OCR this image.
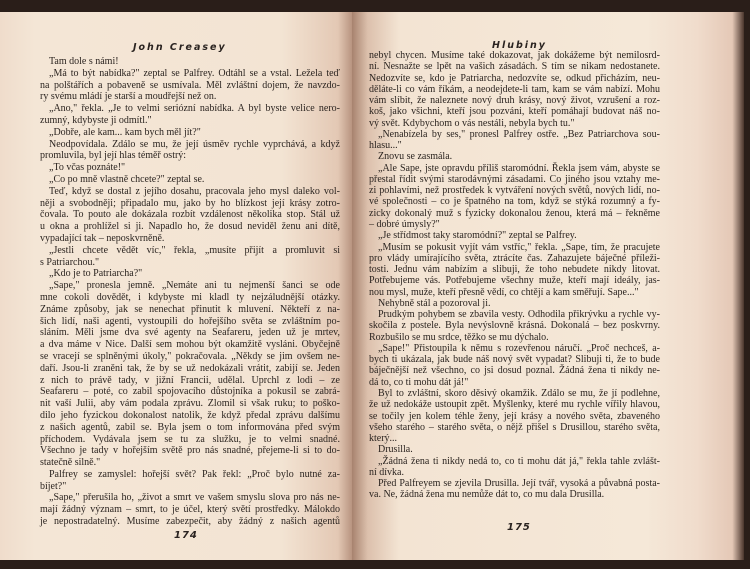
John Creasey
Tam dole s námi!
„Má to být nabídka?" zeptal se Palfrey. Odtáhl se a vstal. Ležela teď
na polštářích a pobaveně se usmívala. Měl zvláštní dojem, že navzdo-
ry svému mládí je starší a moudřejší než on.
„Ano," řekla. „Je to velmi seriózní nabídka. A byl byste velice nero-
zumný, kdybyste ji odmítl."
„Dobře, ale kam... kam bych měl jít?"
Neodpovídala. Zdálo se mu, že její úsměv rychle vyprchává, a když
promluvila, byl její hlas téměř ostrý:
„To včas poznáte!"
„Co po mně vlastně chcete?" zeptal se.
Teď, když se dostal z jejího dosahu, pracovala jeho mysl daleko vol-
něji a svobodněji; připadalo mu, jako by ho blízkost její krásy zotro-
čovala. To pouto ale dokázala rozbít vzdálenost několika stop. Stál už
u okna a prohlížel si ji. Napadlo ho, že dosud neviděl ženu ani dítě,
vypadající tak – neposkvrněně.
„Jestli chcete vědět víc," řekla, „musíte přijít a promluvit si
s Patriarchou."
„Kdo je to Patriarcha?"
„Sape," pronesla jemně. „Nemáte ani tu nejmenší šanci se ode
mne cokoli dovědět, i kdybyste mi kladl ty nejzáludnější otázky.
Známe způsoby, jak se nenechat přinutit k mluvení. Někteří z na-
šich lidí, naši agenti, vystoupili do hořejšího světa se zvláštním po-
sláním. Měli jsme dva své agenty na Seafareru, jeden už je mrtev,
a dva máme v Nice. Další sem mohou být okamžitě vysláni. Obyčejně
se vracejí se splněnými úkoly," pokračovala. „Někdy se jim ovšem ne-
daří. Jsou-li zraněni tak, že by se už nedokázali vrátit, zabijí se. Jeden
z nich to právě tady, v jižní Francii, udělal. Uprchl z lodi – ze
Seafareru – poté, co zabil spojovacího důstojníka a pokusil se zabrá-
nit vaší Julii, aby vám podala zprávu. Zlomil si však ruku; to poško-
dilo jeho fyzickou dokonalost natolik, že když předal zprávu dalšímu
z našich agentů, zabil se. Byla jsem o tom informována před svým
příchodem. Vydávala jsem se tu za služku, je to velmi snadné.
Všechno je tady v hořejším světě pro nás snadné, přejeme-li si to do-
statečně silně."
Palfrey se zamyslel: hořejší svět? Pak řekl: „Proč bylo nutné za-
bíjet?"
„Sape," přerušila ho, „život a smrt ve vašem smyslu slova pro nás ne-
mají žádný význam – smrt, to je účel, který světí prostředky. Málokdo
je nepostradatelný. Musíme zabezpečit, aby žádný z našich agentů
174
Hlubiny
nebyl chycen. Musíme také dokazovat, jak dokážeme být nemilosrd-
ní. Nesnažte se lpět na vašich zásadách. S tím se nikam nedostanete.
Nedozvíte se, kdo je Patriarcha, nedozvíte se, odkud přicházím, neu-
děláte-li co vám říkám, a neodejdete-li tam, kam se vám nabízí. Mohu
vám slíbit, že naleznete nový druh krásy, nový život, vzrušení a roz-
koš, jako všichni, kteří jsou pozváni, kteří pomáhají budovat náš no-
vý svět. Kdybychom o vás nestáli, nebyla bych tu."
„Nenabízela by ses," pronesl Palfrey ostře. „Bez Patriarchova sou-
hlasu..."
Znovu se zasmála.
„Ale Sape, jste opravdu příliš staromódní. Řekla jsem vám, abyste se
přestal řídit svými starodávnými zásadami. Co jiného jsou vztahy me-
zi pohlavími, než prostředek k vytváření nových světů, nových lidí, no-
vé společnosti – co je špatného na tom, když se stýká rozumný a fy-
zicky dokonalý muž s fyzicky dokonalou ženou, která má – řekněme
– dobré úmysly?"
„Je střídmost taky staromódní?" zeptal se Palfrey.
„Musím se pokusit vyjít vám vstříc," řekla. „Sape, tím, že pracujete
pro vlády umírajícího světa, ztrácíte čas. Zahazujete báječné příleži-
tosti. Jednu vám nabízím a slibuji, že toho nebudete nikdy litovat.
Potřebujeme vás. Potřebujeme všechny muže, kteří mají ideály, jas-
nou mysl, muže, kteří přesně vědí, co chtějí a kam směřují. Sape..."
Nehybně stál a pozoroval ji.
Prudkým pohybem se zbavila vesty. Odhodila přikrývku a rychle vy-
skočila z postele. Byla nevýslovně krásná. Dokonalá – bez poskvrny.
Rozbušilo se mu srdce, těžko se mu dýchalo.
„Sape!" Přistoupila k němu s rozevřenou náručí. „Proč nechceš, a-
bych ti ukázala, jak bude náš nový svět vypadat? Slibuji ti, že to bude
báječnější než všechno, co jsi dosud poznal. Žádná žena ti nikdy ne-
dá to, co ti mohu dát já!"
Byl to zvláštní, skoro děsivý okamžik. Zdálo se mu, že jí podlehne,
že už nedokáže ustoupit zpět. Myšlenky, které mu rychle vířily hlavou,
se točily jen kolem téhle ženy, její krásy a nového světa, zbaveného
všeho starého – starého světa, o nějž přišel s Drusillou, starého světa,
který...
Drusilla.
„Žádná žena ti nikdy nedá to, co ti mohu dát já," řekla tahle zvlášt-
ní dívka.
Před Palfreyem se zjevila Drusilla. Její tvář, vysoká a půvabná posta-
va. Ne, žádná žena mu nemůže dát to, co mu dala Drusilla.
175
